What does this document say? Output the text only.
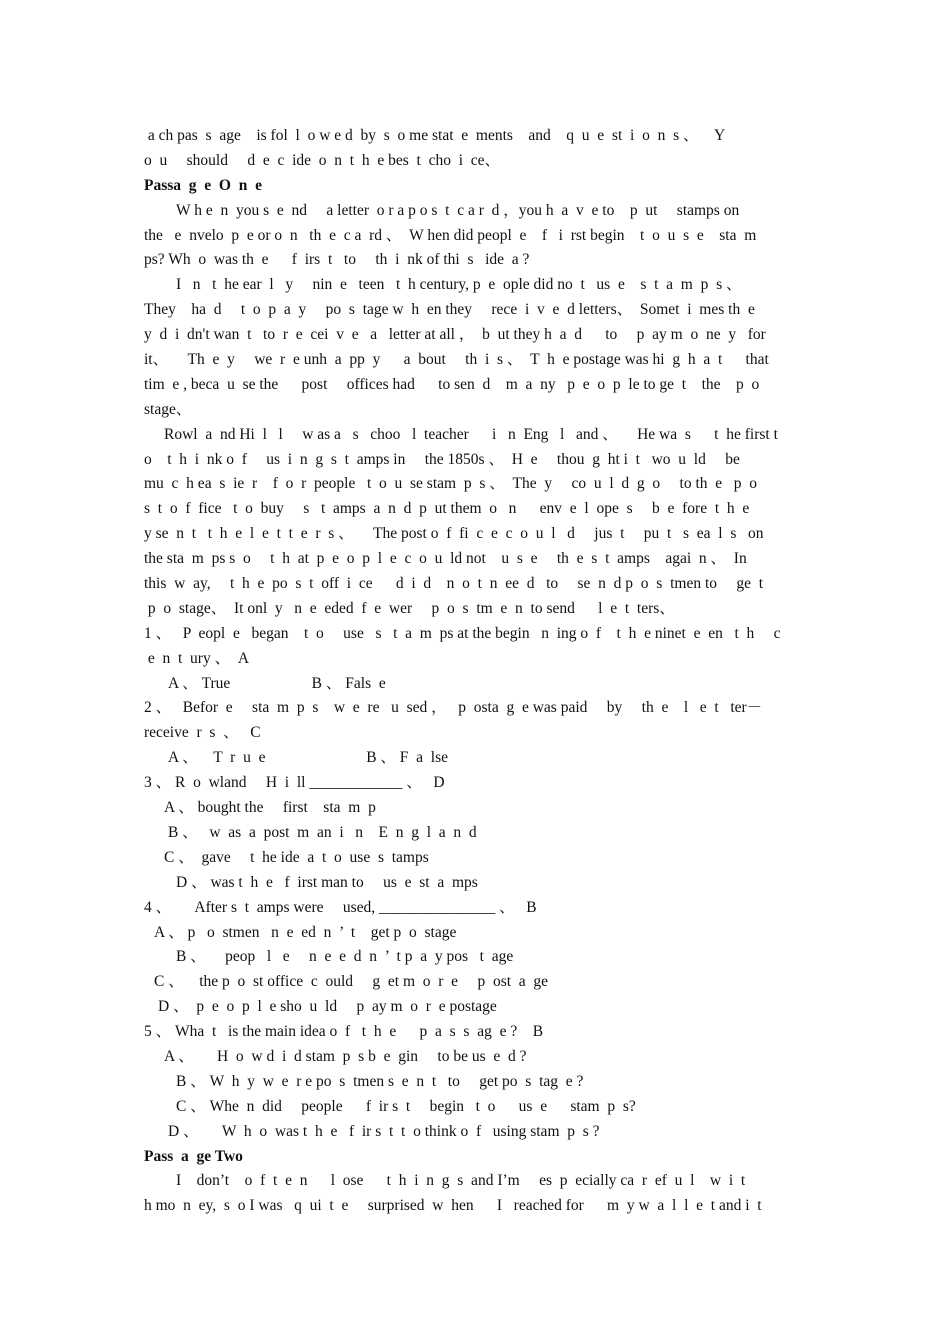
a ch pas  s  age    is fol  l  o w e d  by  s  o me stat  e  ments    and    q  u  e  st  i  o  n  s 、    Y
o  u     should     d  e  c  ide  o  n  t  h  e bes  t  cho  i  ce、
Passa  g  e  O  n  e
W h e  n  you s  e  nd     a letter  o r a p o s  t  c a r  d ，you h  a  v  e to    p  ut     stamps on
the   e  nvelo  p  e or o  n   th  e  c a  rd 、  W hen did peopl  e    f   i  rst begin    t  o  u  s  e    sta  m
ps? Wh  o  was th  e      f  irs  t   to     th  i  nk of thi  s   ide  a ?
I   n   t  he ear  l   y     nin  e   teen   t  h century, p  e  ople did no  t   us  e    s  t  a  m  p  s 、
They    ha  d     t  o  p  a  y     po  s  tage w  h  en they     rece  i  v  e  d letters、  Somet  i  mes th  e
y  d  i  dn't wan  t   to  r  e  cei  v  e   a   letter at all ，  b  ut they h  a  d      to     p  ay m  o  ne  y   for
it、     Th  e  y     we  r  e unh  a  pp  y      a  bout     th  i  s 、  T  h  e postage was hi  g  h  a  t      that
tim  e , beca  u  se the      post     offices had      to sen  d    m  a  ny   p  e  o  p  le to ge  t    the    p  o
stage、
Rowl  a  nd Hi  l   l     w as a   s   choo   l  teacher      i   n  Eng   l   and 、     He wa  s      t  he first t
o    t  h  i  nk o  f     us  i  n  g  s  t  amps in     the 1850s 、  H  e     thou  g  ht i  t   wo  u  ld     be
mu  c  h ea  s  ie  r    f  o  r  people   t  o  u  se stam  p  s 、  The  y     co  u  l  d  g  o     to th  e   p  o
s  t  o  f  fice   t  o  buy     s   t  amps  a  n  d  p  ut them  o   n      env  e  l  ope  s     b  e  fore  t  h  e
y se  n  t   t  h  e  l  e  t  t  e  r  s 、     The post o  f  fi  c  e  c  o  u  l   d     jus  t     pu  t   s  ea  l  s   on
the sta  m  ps s  o     t  h  at  p  e  o  p  l  e  c  o  u  ld not    u  s  e     th  e  s  t  amps    agai  n 、  In
this  w  ay,     t  h  e  po  s  t  off  i  ce      d  i  d    n  o  t  n  ee  d   to     se  n  d p  o  s  tmen to     ge  t
p  o  stage、  It onl  y   n  e  eded  f  e  wer     p  o  s  tm  e  n  to send      l  e  t  ters、
1 、   P  eopl  e   began    t  o     use   s   t  a  m  ps at the begin   n  ing o  f    t  h  e ninet  e  en   t  h     c
e  n  t  ury 、  A
A 、 True                     B 、 Fals  e
2 、   Befor  e     sta  m  p  s    w  e  re   u  sed ，   p  osta  g  e was paid     by     th  e    l   e  t   ter－
receive  r  s  、   C
A 、    T  r  u  e                          B 、 F  a  lse
3 、 R  o  wland     H  i  ll ____________ 、   D
A 、 bought the     first    sta  m  p
B 、   w  as  a  post  m  an  i   n    E  n  g  l  a  n  d
C 、  gave     t  he ide  a  t  o  use  s  tamps
D 、 was t  h  e   f  irst man to     us  e  st  a  mps
4 、      After s  t  amps were     used, _______________ 、   B
A 、 p   o  stmen   n  e  ed  n  ’  t    get p  o  stage
B 、     peop   l   e     n  e  e  d  n  ’  t p  a  y pos   t  age
C 、    the p  o  st office  c  ould     g  et m  o  r  e     p  ost  a  ge
D 、  p  e  o  p  l  e sho  u  ld     p  ay m  o  r  e postage
5 、 Wha  t   is the main idea o  f   t  h  e      p  a  s  s  ag  e ?    B
A 、      H  o  w d  i  d stam  p  s b  e  gin     to be us  e  d ?
B 、 W  h  y  w  e  r e po  s  tmen s  e  n  t   to     get po  s  tag  e ?
C 、 Whe  n  did     people      f  ir s  t     begin   t  o      us  e      stam  p  s?
D 、      W  h  o  was t  h  e   f  ir s  t  t  o think o  f   using stam  p  s ?
Pass  a  ge Two
I    don’t    o  f  t  e  n      l  ose      t  h  i  n  g  s  and I’m     es  p  ecially ca  r  ef  u  l    w  i  t
h mo  n  ey,  s  o I was   q  ui  t  e     surprised  w  hen      I   reached for      m  y w  a  l  l  e  t and i  t
